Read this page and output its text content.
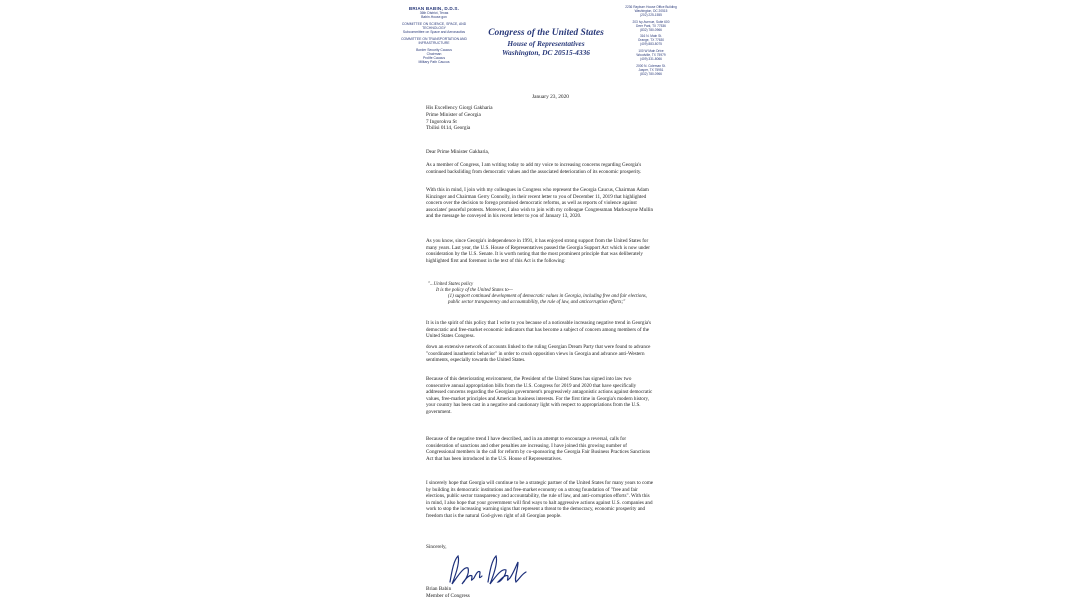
BRIAN BABIN, D.D.S.
36th District, Texas
Babin.House.gov
COMMITTEE ON SCIENCE, SPACE, AND TECHNOLOGY
Subcommittee on Space and Aeronautics
COMMITTEE ON TRANSPORTATION AND INFRASTRUCTURE
Border Security Caucus
Chairman
Prolife Caucus
Military Path Caucus
Congress of the United States
House of Representatives
Washington, DC 20515-4336
2236 Rayburn House Office Building
Washington, DC 20515
(202) 225-1555
203 Ivy Avenue, Suite 600
Deer Park, TX 77536
(832) 780-0966
316 N. Main St.
Orange, TX 77630
(409) 883-8075
100 W Main Drive
Woodville, TX 75979
(409) 331-8066
2000 N. Coleman St.
Jasper, TX 75951
(832) 780-0966
January 23, 2020
His Excellency Giorgi Gakharia
Prime Minister of Georgia
7 Ingorokva St
Tbilisi 0114, Georgia
Dear Prime Minister Gakharia,
As a member of Congress, I am writing today to add my voice to increasing concerns regarding Georgia's continued backsliding from democratic values and the associated deterioration of its economic prosperity.
With this in mind, I join with my colleagues in Congress who represent the Georgia Caucus, Chairman Adam Kinzinger and Chairman Gerry Connolly, in their recent letter to you of December 11, 2019 that highlighted concern over the decision to forego promised democratic reforms, as well as reports of violence against associates' peaceful protests. Moreover, I also wish to join with my colleague Congressman Markwayne Mullin and the message he conveyed in his recent letter to you of January 13, 2020.
As you know, since Georgia's independence in 1991, it has enjoyed strong support from the United States for many years. Last year, the U.S. House of Representatives passed the Georgia Support Act which is now under consideration by the U.S. Senate. It is worth noting that the most prominent principle that was deliberately highlighted first and foremost in the text of this Act is the following:
"...United States policy
It is the policy of the United States to—
(1) support continued development of democratic values in Georgia, including free and fair elections, public sector transparency and accountability, the rule of law, and anticorruption efforts;"
It is in the spirit of this policy that I write to you because of a noticeable increasing negative trend in Georgia's democratic and free-market economic indicators that has become a subject of concern among members of the United States Congress.
down an extensive network of accounts linked to the ruling Georgian Dream Party that were found to advance "coordinated inauthentic behavior" in order to crush opposition views in Georgia and advance anti-Western sentiments, especially towards the United States.
Because of this deteriorating environment, the President of the United States has signed into law two consecutive annual appropriation bills from the U.S. Congress for 2019 and 2020 that have specifically addressed concerns regarding the Georgian government's progressively antagonistic actions against democratic values, free-market principles and American business interests. For the first time in Georgia's modern history, your country has been cast in a negative and cautionary light with respect to appropriations from the U.S. government.
Because of the negative trend I have described, and in an attempt to encourage a reversal, calls for consideration of sanctions and other penalties are increasing. I have joined this growing number of Congressional members in the call for reform by co-sponsoring the Georgia Fair Business Practices Sanctions Act that has been introduced in the U.S. House of Representatives.
I sincerely hope that Georgia will continue to be a strategic partner of the United States for many years to come by building its democratic institutions and free-market economy on a strong foundation of "free and fair elections, public sector transparency and accountability, the rule of law, and anti-corruption efforts". With this in mind, I also hope that your government will find ways to halt aggressive actions against U.S. companies and work to stop the increasing warning signs that represent a threat to the democracy, economic prosperity and freedom that is the natural God-given right of all Georgian people.
Sincerely,
Brian Babin
Member of Congress
